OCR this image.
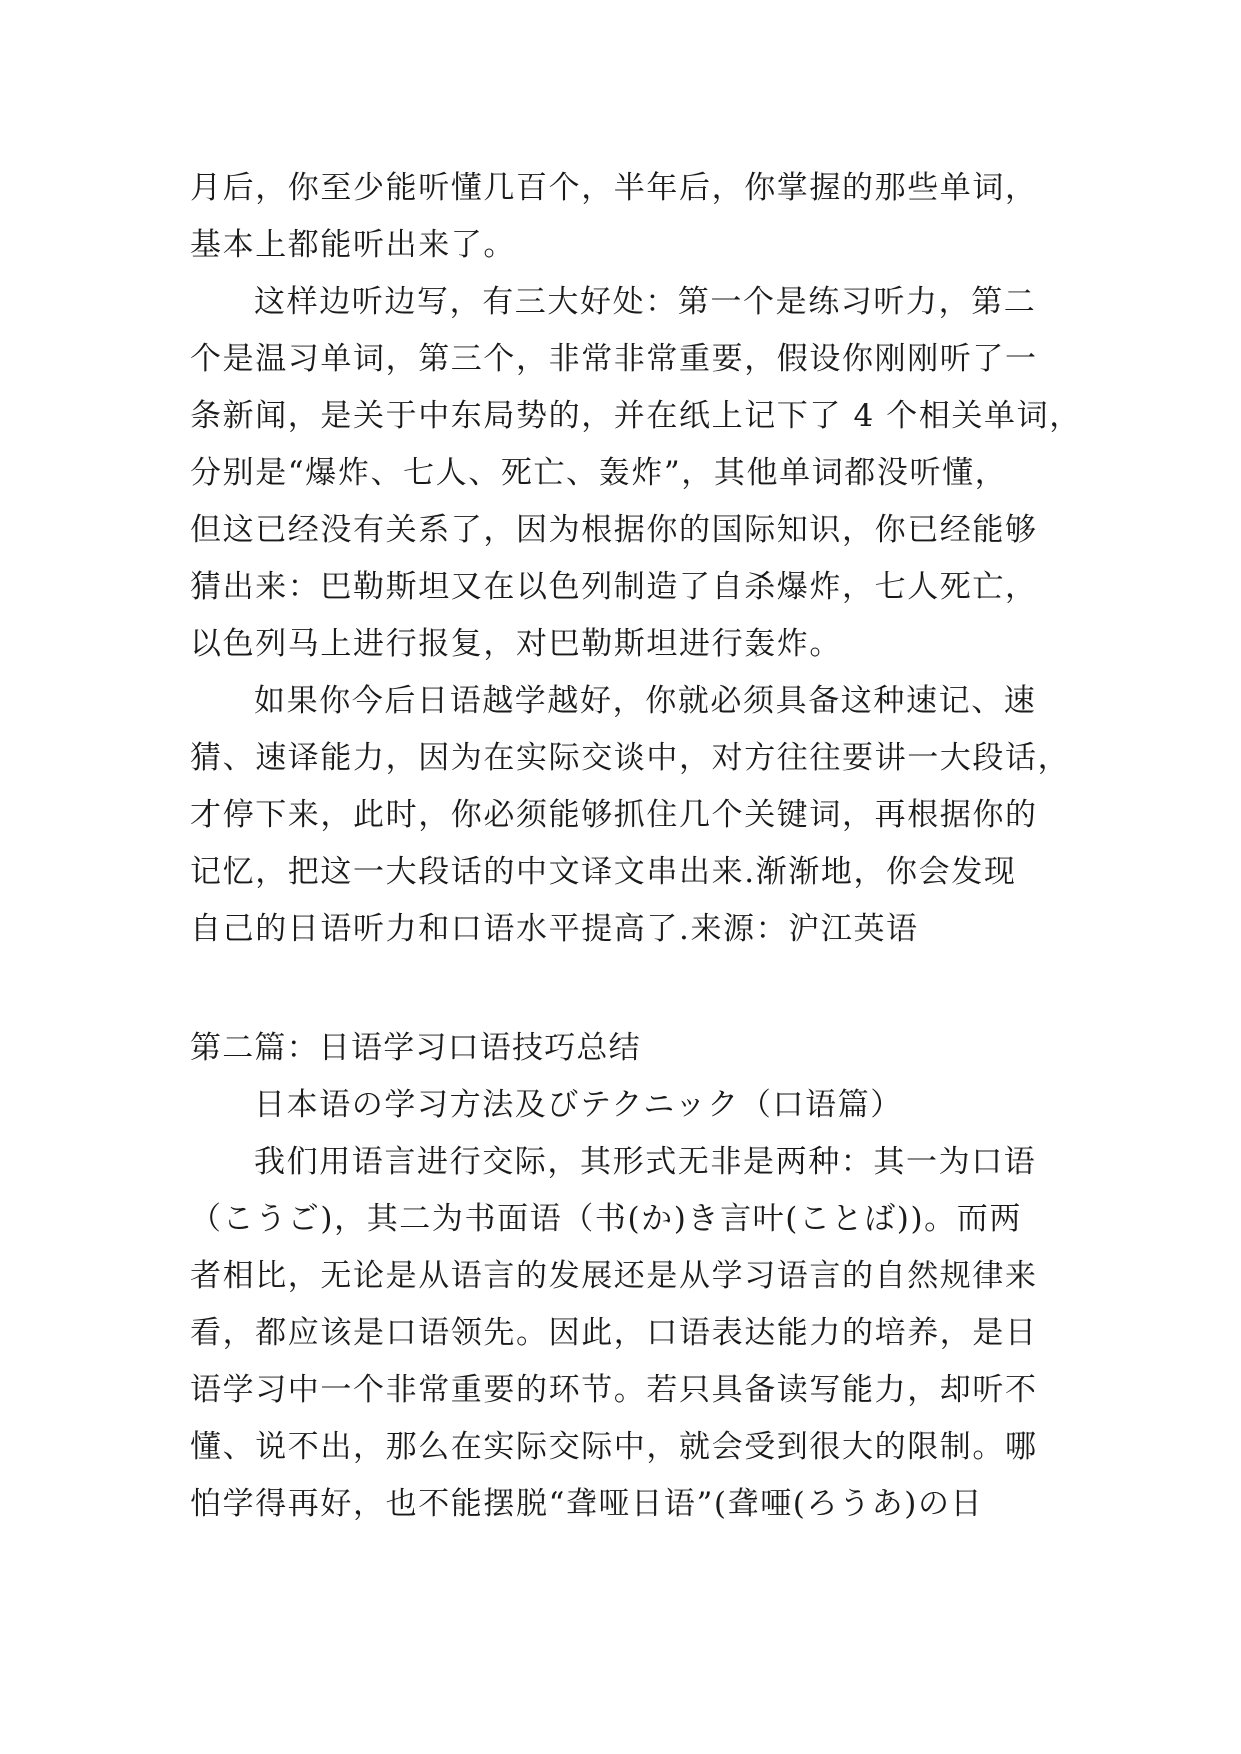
月后，你至少能听懂几百个，半年后，你掌握的那些单词，
基本上都能听出来了。
这样边听边写，有三大好处：第一个是练习听力，第二
个是温习单词，第三个，非常非常重要，假设你刚刚听了一
条新闻，是关于中东局势的，并在纸上记下了 4 个相关单词，
分别是“爆炸、七人、死亡、轰炸”，其他单词都没听懂，
但这已经没有关系了，因为根据你的国际知识，你已经能够
猜出来：巴勒斯坦又在以色列制造了自杀爆炸，七人死亡，
以色列马上进行报复，对巴勒斯坦进行轰炸。
如果你今后日语越学越好，你就必须具备这种速记、速
猜、速译能力，因为在实际交谈中，对方往往要讲一大段话，
才停下来，此时，你必须能够抓住几个关键词，再根据你的
记忆，把这一大段话的中文译文串出来.渐渐地，你会发现
自己的日语听力和口语水平提高了.来源：沪江英语
第二篇：日语学习口语技巧总结
日本语の学习方法及びテクニック（口语篇）
我们用语言进行交际，其形式无非是两种：其一为口语
（こうご)，其二为书面语（书(か)き言叶(ことば))。而两
者相比，无论是从语言的发展还是从学习语言的自然规律来
看，都应该是口语领先。因此，口语表达能力的培养，是日
语学习中一个非常重要的环节。若只具备读写能力，却听不
懂、说不出，那么在实际交际中，就会受到很大的限制。哪
怕学得再好，也不能摆脱“聋哑日语”(聋唖(ろうあ)の日
